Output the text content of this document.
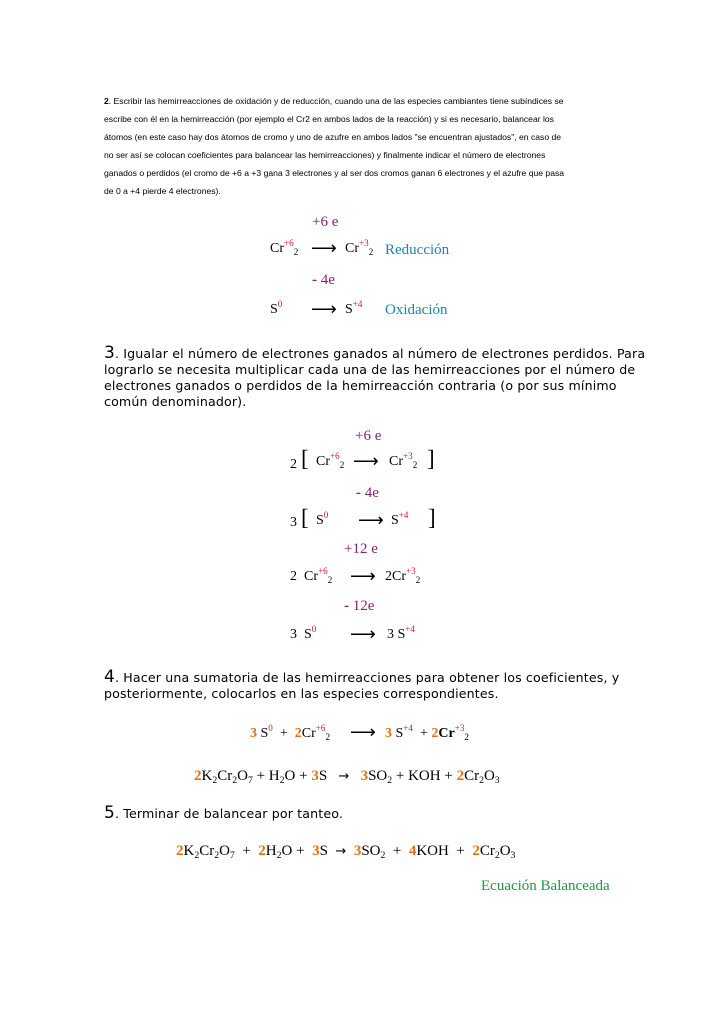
2. Escribir las hemirreacciones de oxidación y de reducción, cuando una de las especies cambiantes tiene subíndices se
escribe con él en la hemirreacción (por ejemplo el Cr2 en ambos lados de la reacción) y si es necesario, balancear los
átomos (en este caso hay dos átomos de cromo y uno de azufre en ambos lados "se encuentran ajustados", en caso de
no ser así se colocan coeficientes para balancear las hemirreacciones) y finalmente indicar el número de electrones
ganados o perdidos (el cromo de +6 a +3 gana 3 electrones y al ser dos cromos ganan 6 electrones y el azufre que pasa
de 0 a +4 pierde 4 electrones).
+6 e
$Cr^{+6}_2$ ⟶ $Cr^{+3}_2$ Reducción
- 4e
$S^0$ ⟶ $S^{+4}$ Oxidación
3. Igualar el número de electrones ganados al número de electrones perdidos. Para
lograrlo se necesita multiplicar cada una de las hemirreacciones por el número de
electrones ganados o perdidos de la hemirreacción contraria (o por sus mínimo
común denominador).
+6 e
2 [ $Cr^{+6}_2$ ⟶ $Cr^{+3}_2$ ]
- 4e
3 [ $S^0$ ⟶ $S^{+4}$ ]
+12 e
2 $Cr^{+6}_2$ ⟶ $2Cr^{+3}_2$
- 12e
3 $S^0$ ⟶ 3 $S^{+4}$
4. Hacer una sumatoria de las hemirreacciones para obtener los coeficientes, y
posteriormente, colocarlos en las especies correspondientes.
3 $S^0 + 2Cr^{+6}_2$ ⟶ 3 $S^{+4} + 2Cr^{+3}_2$
$2K_2Cr_2O_7 + H_2O + 3S \to 3SO_2$ + KOH + $2Cr_2O_3$
5. Terminar de balancear por tanteo.
$2K_2Cr_2O_7 + 2H_2O + 3S \to 3SO_2 + 4KOH + 2Cr_2O_3$
Ecuación Balanceada
